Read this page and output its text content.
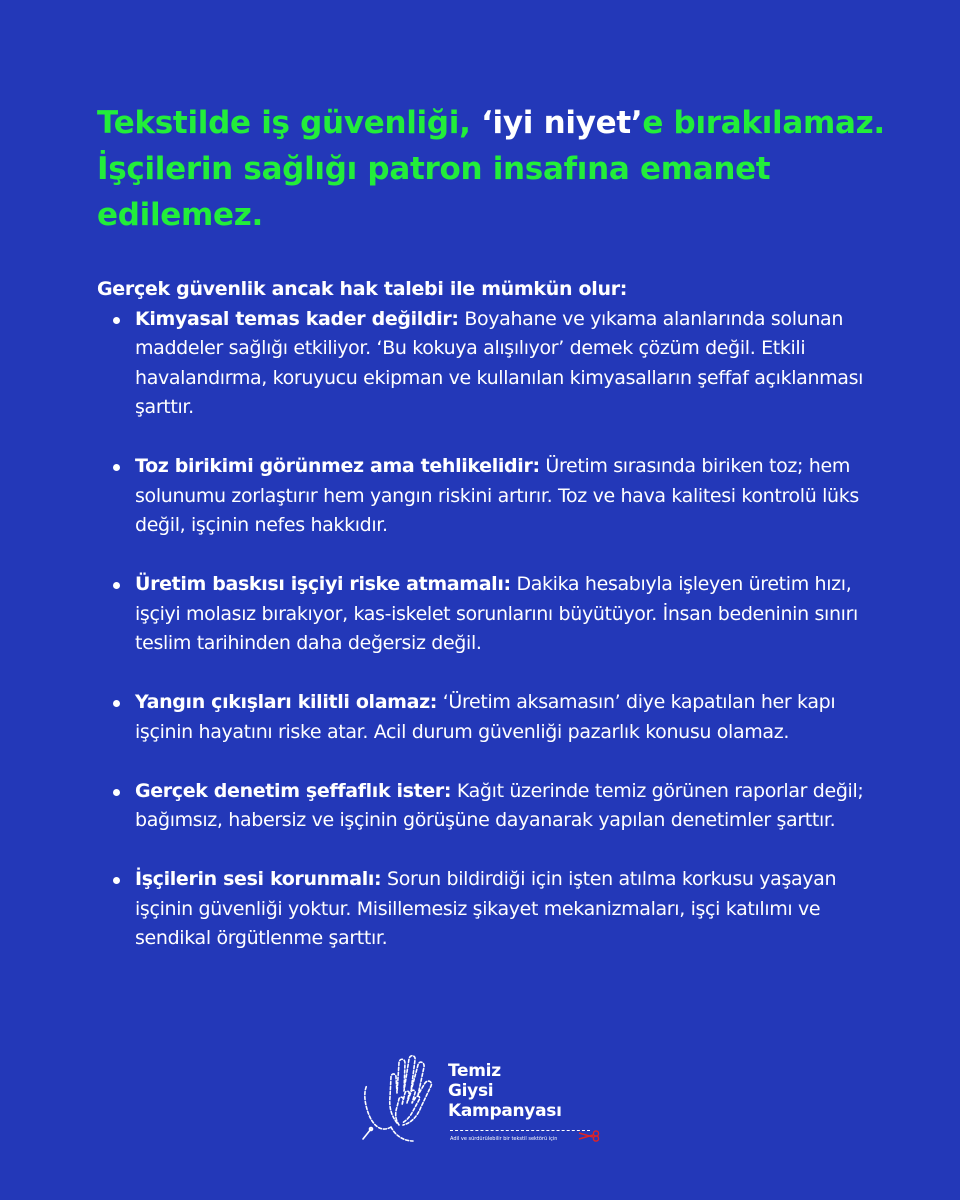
Tekstilde iş güvenliği, ‘iyi niyet’e bırakılamaz. İşçilerin sağlığı patron insafına emanet edilemez.

Gerçek güvenlik ancak hak talebi ile mümkün olur:

Kimyasal temas kader değildir: Boyahane ve yıkama alanlarında solunan maddeler sağlığı etkiliyor. ‘Bu kokuya alışılıyor’ demek çözüm değil. Etkili havalandırma, koruyucu ekipman ve kullanılan kimyasalların şeffaf açıklanması şarttır.
Toz birikimi görünmez ama tehlikelidir: Üretim sırasında biriken toz; hem solunumu zorlaştırır hem yangın riskini artırır. Toz ve hava kalitesi kontrolü lüks değil, işçinin nefes hakkıdır.
Üretim baskısı işçiyi riske atmamalı: Dakika hesabıyla işleyen üretim hızı, işçiyi molasız bırakıyor, kas-iskelet sorunlarını büyütüyor. İnsan bedeninin sınırı teslim tarihinden daha değersiz değil.
Yangın çıkışları kilitli olamaz: ‘Üretim aksamasın’ diye kapatılan her kapı işçinin hayatını riske atar. Acil durum güvenliği pazarlık konusu olamaz.
Gerçek denetim şeffaflık ister: Kağıt üzerinde temiz görünen raporlar değil; bağımsız, habersiz ve işçinin görüşüne dayanarak yapılan denetimler şarttır.
İşçilerin sesi korunmalı: Sorun bildirdiği için işten atılma korkusu yaşayan işçinin güvenliği yoktur. Misillemesiz şikayet mekanizmaları, işçi katılımı ve sendikal örgütlenme şarttır.
Temiz
Giysi
Kampanyası
Adil ve sürdürülebilir bir tekstil sektörü için
